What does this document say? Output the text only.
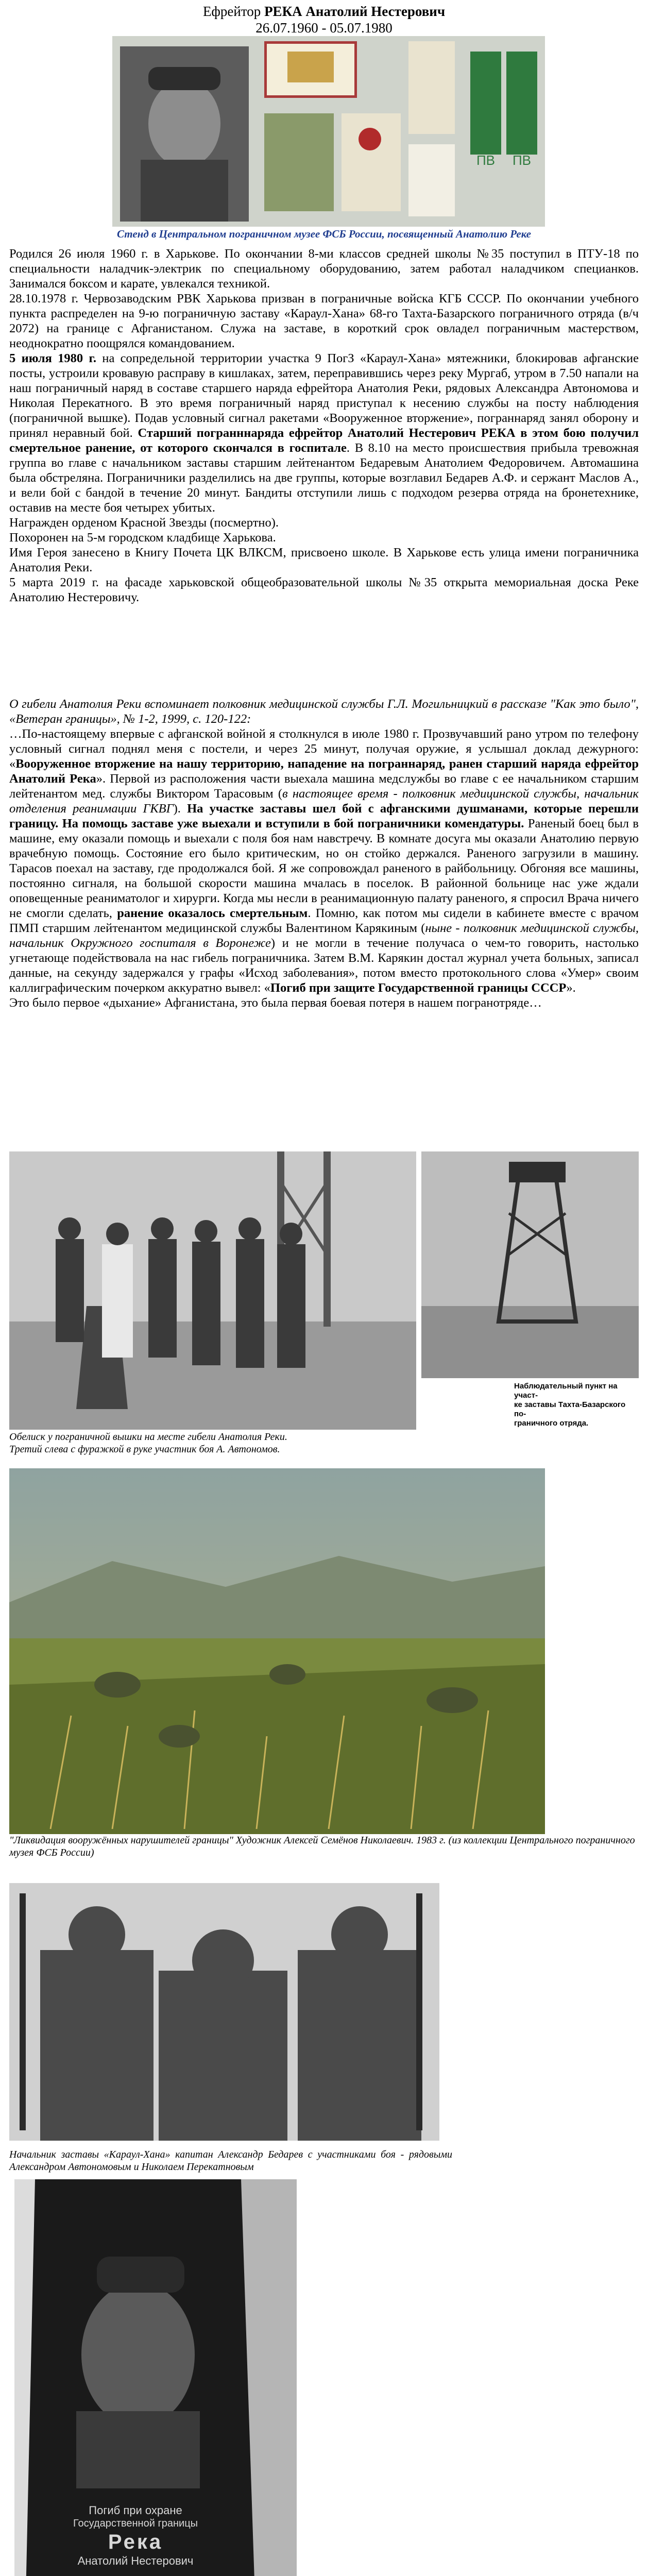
Ефрейтор РЕКА Анатолий Нестерович
26.07.1960 - 05.07.1980
ПВ ПВ
Стенд в Центральном пограничном музее ФСБ России, посвященный Анатолию Реке

Родился 26 июля 1960 г. в Харькове. По окончании 8-ми классов средней школы №35 поступил в ПТУ-18 по специальности наладчик-электрик по специальному оборудованию, затем работал наладчиком специанков. Занимался боксом и карате, увлекался техникой.

28.10.1978 г. Червозаводским РВК Харькова призван в пограничные войска КГБ СССР. По окончании учебного пункта распределен на 9-ю пограничную заставу «Караул-Хана» 68-го Тахта-Базарского пограничного отряда (в/ч 2072) на границе с Афганистаном. Служа на заставе, в короткий срок овладел пограничным мастерством, неоднократно поощрялся командованием.

5 июля 1980 г. на сопредельной территории участка 9 ПогЗ «Караул-Хана» мятежники, блокировав афганские посты, устроили кровавую расправу в кишлаках, затем, переправившись через реку Мургаб, утром в 7.50 напали на наш пограничный наряд в составе старшего наряда ефрейтора Анатолия Реки, рядовых Александра Автономова и Николая Перекатного. В это время пограничный наряд приступал к несению службы на посту наблюдения (пограничной вышке). Подав условный сигнал ракетами «Вооруженное вторжение», пограннаряд занял оборону и принял неравный бой. Старший погранннаряда ефрейтор Анатолий Нестерович РЕКА в этом бою получил смертельное ранение, от которого скончался в госпитале. В 8.10 на место происшествия прибыла тревожная группа во главе с начальником заставы старшим лейтенантом Бедаревым Анатолием Федоровичем. Автомашина была обстреляна. Пограничники разделились на две группы, которые возглавил Бедарев А.Ф. и сержант Маслов А., и вели бой с бандой в течение 20 минут. Бандиты отступили лишь с подходом резерва отряда на бронетехнике, оставив на месте боя четырех убитых.

Награжден орденом Красной Звезды (посмертно).

Похоронен на 5-м городском кладбище Харькова.

Имя Героя занесено в Книгу Почета ЦК ВЛКСМ, присвоено школе. В Харькове есть улица имени пограничника Анатолия Реки.

5 марта 2019 г. на фасаде харьковской общеобразовательной школы №35 открыта мемориальная доска Реке Анатолию Нестеровичу.

О гибели Анатолия Реки вспоминает полковник медицинской службы Г.Л. Могильницкий в рассказе "Как это было", «Ветеран границы», № 1-2, 1999, с. 120-122:

…По-настоящему впервые с афганской войной я столкнулся в июле 1980 г. Прозвучавший рано утром по телефону условный сигнал поднял меня с постели, и через 25 минут, получая оружие, я услышал доклад дежурного: «Вооруженное вторжение на нашу территорию, нападение на пограннаряд, ранен старший наряда ефрейтор Анатолий Река». Первой из расположения части выехала машина медслужбы во главе с ее начальником старшим лейтенантом мед. службы Виктором Тарасовым (в настоящее время - полковник медицинской службы, начальник отделения реанимации ГКВГ). На участке заставы шел бой с афганскими душманами, которые перешли границу. На помощь заставе уже выехали и вступили в бой пограничники комендатуры. Раненый боец был в машине, ему оказали помощь и выехали с поля боя нам навстречу. В комнате досуга мы оказали Анатолию первую врачебную помощь. Состояние его было критическим, но он стойко держался. Раненого загрузили в машину. Тарасов поехал на заставу, где продолжался бой. Я же сопровождал раненого в райбольницу. Обгоняя все машины, постоянно сигналя, на большой скорости машина мчалась в поселок. В районной больнице нас уже ждали оповещенные реаниматолог и хирурги. Когда мы несли в реанимационную палату раненого, я спросил Врача ничего не смогли сделать, ранение оказалось смертельным. Помню, как потом мы сидели в кабинете вместе с врачом ПМП старшим лейтенантом медицинской службы Валентином Карякиным (ныне - полковник медицинской службы, начальник Окружного госпиталя в Воронеже) и не могли в течение получаса о чем-то говорить, настолько угнетающе подействовала на нас гибель пограничника. Затем В.М. Карякин достал журнал учета больных, записал данные, на секунду задержался у графы «Исход заболевания», потом вместо протокольного слова «Умер» своим каллиграфическим почерком аккуратно вывел: «Погиб при защите Государственной границы СССР».

Это было первое «дыхание» Афганистана, это была первая боевая потеря в нашем погранотряде…

Обелиск у пограничной вышки на месте гибели Анатолия Реки.
Третий слева с фуражкой в руке участник боя А. Автономов.
Наблюдательный пункт на участ-
ке заставы Тахта-Базарского по-
граничного отряда.
"Ликвидация вооружённых нарушителей границы" Художник Алексей Семёнов Николаевич. 1983 г. (из коллекции Центрального пограничного музея ФСБ России)
Начальник заставы «Караул-Хана» капитан Александр Бедарев с участниками боя - рядовыми Александром Автономовым и Николаем Перекатновым
Погиб при охране
Государственной границы
Река
Анатолий Нестерович
